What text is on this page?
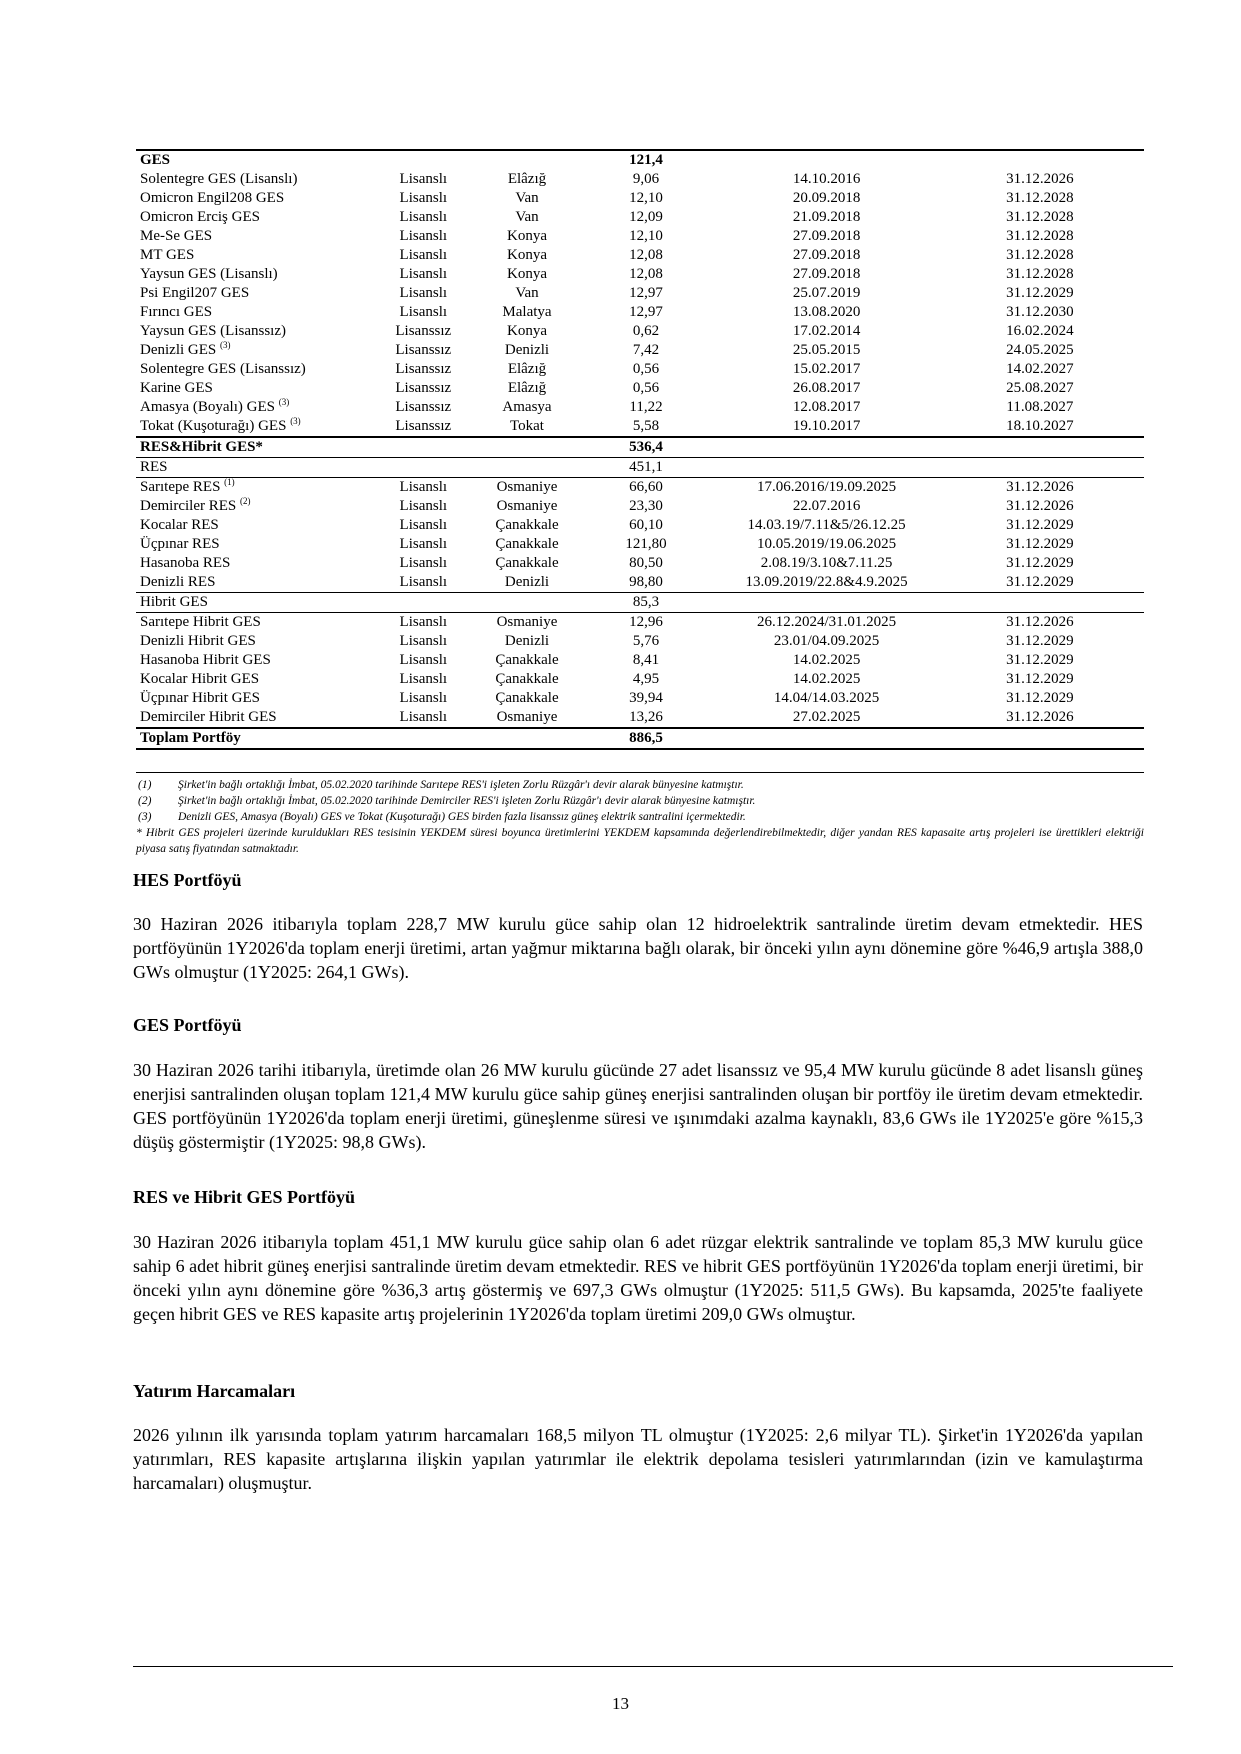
GES			121,4		
Solentegre GES (Lisanslı)	Lisanslı	Elâzığ	9,06	14.10.2016	31.12.2026
Omicron Engil208 GES	Lisanslı	Van	12,10	20.09.2018	31.12.2028
Omicron Erciş GES	Lisanslı	Van	12,09	21.09.2018	31.12.2028
Me-Se GES	Lisanslı	Konya	12,10	27.09.2018	31.12.2028
MT GES	Lisanslı	Konya	12,08	27.09.2018	31.12.2028
Yaysun GES (Lisanslı)	Lisanslı	Konya	12,08	27.09.2018	31.12.2028
Psi Engil207 GES	Lisanslı	Van	12,97	25.07.2019	31.12.2029
Fırıncı GES	Lisanslı	Malatya	12,97	13.08.2020	31.12.2030
Yaysun GES (Lisanssız)	Lisanssız	Konya	0,62	17.02.2014	16.02.2024
Denizli GES $^{(3)}$	Lisanssız	Denizli	7,42	25.05.2015	24.05.2025
Solentegre GES (Lisanssız)	Lisanssız	Elâzığ	0,56	15.02.2017	14.02.2027
Karine GES	Lisanssız	Elâzığ	0,56	26.08.2017	25.08.2027
Amasya (Boyalı) GES $^{(3)}$	Lisanssız	Amasya	11,22	12.08.2017	11.08.2027
Tokat (Kuşoturağı) GES $^{(3)}$	Lisanssız	Tokat	5,58	19.10.2017	18.10.2027
RES&Hibrit GES*			536,4		
RES			451,1		
Sarıtepe RES $^{(1)}$	Lisanslı	Osmaniye	66,60	17.06.2016/19.09.2025	31.12.2026
Demirciler RES $^{(2)}$	Lisanslı	Osmaniye	23,30	22.07.2016	31.12.2026
Kocalar RES	Lisanslı	Çanakkale	60,10	14.03.19/7.11&5/26.12.25	31.12.2029
Üçpınar RES	Lisanslı	Çanakkale	121,80	10.05.2019/19.06.2025	31.12.2029
Hasanoba RES	Lisanslı	Çanakkale	80,50	2.08.19/3.10&7.11.25	31.12.2029
Denizli RES	Lisanslı	Denizli	98,80	13.09.2019/22.8&4.9.2025	31.12.2029
Hibrit GES			85,3		
Sarıtepe Hibrit GES	Lisanslı	Osmaniye	12,96	26.12.2024/31.01.2025	31.12.2026
Denizli Hibrit GES	Lisanslı	Denizli	5,76	23.01/04.09.2025	31.12.2029
Hasanoba Hibrit GES	Lisanslı	Çanakkale	8,41	14.02.2025	31.12.2029
Kocalar Hibrit GES	Lisanslı	Çanakkale	4,95	14.02.2025	31.12.2029
Üçpınar Hibrit GES	Lisanslı	Çanakkale	39,94	14.04/14.03.2025	31.12.2029
Demirciler Hibrit GES	Lisanslı	Osmaniye	13,26	27.02.2025	31.12.2026
Toplam Portföy			886,5		
(1)	Şirket'in bağlı ortaklığı İmbat, 05.02.2020 tarihinde Sarıtepe RES'i işleten Zorlu Rüzgâr'ı devir alarak bünyesine katmıştır.
(2)	Şirket'in bağlı ortaklığı İmbat, 05.02.2020 tarihinde Demirciler RES'i işleten Zorlu Rüzgâr'ı devir alarak bünyesine katmıştır.
(3)	Denizli GES, Amasya (Boyalı) GES ve Tokat (Kuşoturağı) GES birden fazla lisanssız güneş elektrik santralini içermektedir.
* Hibrit GES projeleri üzerinde kuruldukları RES tesisinin YEKDEM süresi boyunca üretimlerini YEKDEM kapsamında değerlendirebilmektedir, diğer yandan RES kapasaite artış projeleri ise ürettikleri elektriği piyasa satış fiyatından satmaktadır.
HES Portföyü
30 Haziran 2026 itibarıyla toplam 228,7 MW kurulu güce sahip olan 12 hidroelektrik santralinde üretim devam etmektedir. HES portföyünün 1Y2026'da toplam enerji üretimi, artan yağmur miktarına bağlı olarak, bir önceki yılın aynı dönemine göre %46,9 artışla 388,0 GWs olmuştur (1Y2025: 264,1 GWs).
GES Portföyü
30 Haziran 2026 tarihi itibarıyla, üretimde olan 26 MW kurulu gücünde 27 adet lisanssız ve 95,4 MW kurulu gücünde 8 adet lisanslı güneş enerjisi santralinden oluşan toplam 121,4 MW kurulu güce sahip güneş enerjisi santralinden oluşan bir portföy ile üretim devam etmektedir. GES portföyünün 1Y2026'da toplam enerji üretimi, güneşlenme süresi ve ışınımdaki azalma kaynaklı, 83,6 GWs ile 1Y2025'e göre %15,3 düşüş göstermiştir (1Y2025: 98,8 GWs).
RES ve Hibrit GES Portföyü
30 Haziran 2026 itibarıyla toplam 451,1 MW kurulu güce sahip olan 6 adet rüzgar elektrik santralinde ve toplam 85,3 MW kurulu güce sahip 6 adet hibrit güneş enerjisi santralinde üretim devam etmektedir. RES ve hibrit GES portföyünün 1Y2026'da toplam enerji üretimi, bir önceki yılın aynı dönemine göre %36,3 artış göstermiş ve 697,3 GWs olmuştur (1Y2025: 511,5 GWs). Bu kapsamda, 2025'te faaliyete geçen hibrit GES ve RES kapasite artış projelerinin 1Y2026'da toplam üretimi 209,0 GWs olmuştur.
Yatırım Harcamaları
2026 yılının ilk yarısında toplam yatırım harcamaları 168,5 milyon TL olmuştur (1Y2025: 2,6 milyar TL). Şirket'in 1Y2026'da yapılan yatırımları, RES kapasite artışlarına ilişkin yapılan yatırımlar ile elektrik depolama tesisleri yatırımlarından (izin ve kamulaştırma harcamaları) oluşmuştur.
13
